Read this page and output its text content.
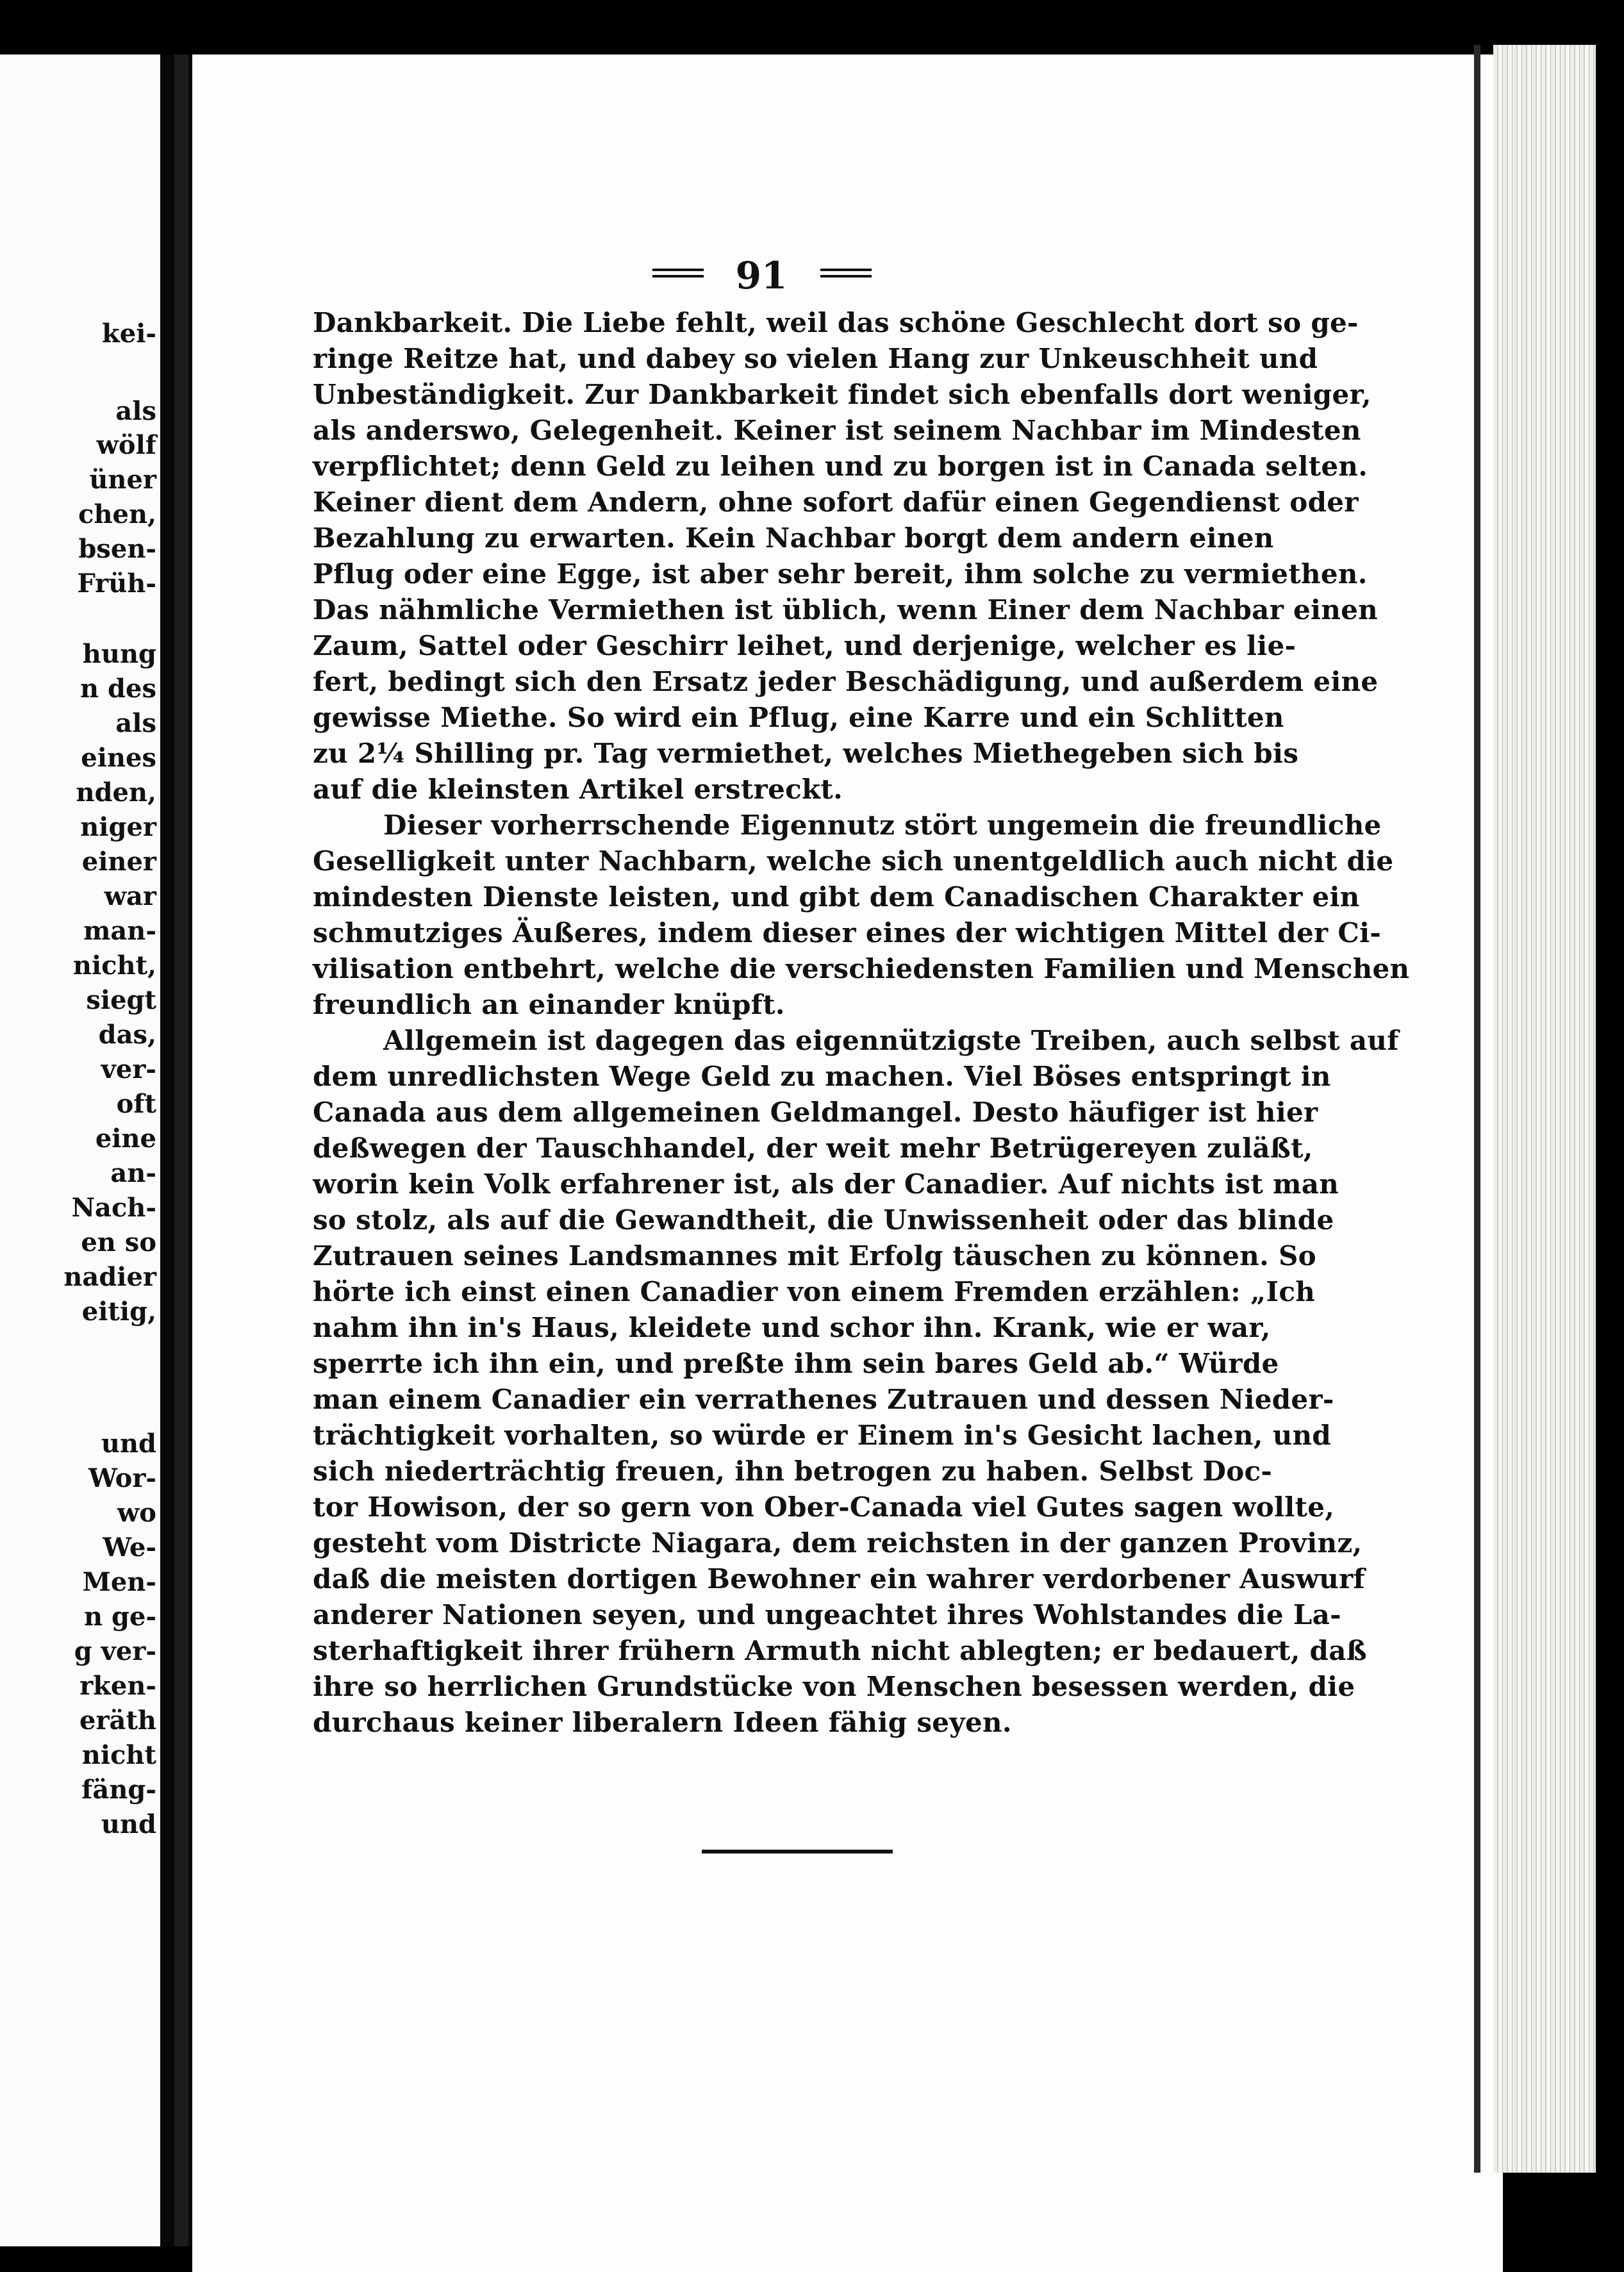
kei-
als
wölf
üner
chen,
bsen-
Früh-
hung
n des
als
eines
nden,
niger
einer
war
man-
nicht,
siegt
das,
ver-
oft
eine
an-
Nach-
en so
nadier
eitig,
und
Wor-
wo
We-
Men-
n ge-
g ver-
rken-
eräth
nicht
fäng-
und
91
Dankbarkeit. Die Liebe fehlt, weil das schöne Geschlecht dort so ge-
ringe Reitze hat, und dabey so vielen Hang zur Unkeuschheit und
Unbeständigkeit. Zur Dankbarkeit findet sich ebenfalls dort weniger,
als anderswo, Gelegenheit. Keiner ist seinem Nachbar im Mindesten
verpflichtet; denn Geld zu leihen und zu borgen ist in Canada selten.
Keiner dient dem Andern, ohne sofort dafür einen Gegendienst oder
Bezahlung zu erwarten. Kein Nachbar borgt dem andern einen
Pflug oder eine Egge, ist aber sehr bereit, ihm solche zu vermiethen.
Das nähmliche Vermiethen ist üblich, wenn Einer dem Nachbar einen
Zaum, Sattel oder Geschirr leihet, und derjenige, welcher es lie-
fert, bedingt sich den Ersatz jeder Beschädigung, und außerdem eine
gewisse Miethe. So wird ein Pflug, eine Karre und ein Schlitten
zu 2¼ Shilling pr. Tag vermiethet, welches Miethegeben sich bis
auf die kleinsten Artikel erstreckt.
Dieser vorherrschende Eigennutz stört ungemein die freundliche
Geselligkeit unter Nachbarn, welche sich unentgeldlich auch nicht die
mindesten Dienste leisten, und gibt dem Canadischen Charakter ein
schmutziges Äußeres, indem dieser eines der wichtigen Mittel der Ci-
vilisation entbehrt, welche die verschiedensten Familien und Menschen
freundlich an einander knüpft.
Allgemein ist dagegen das eigennützigste Treiben, auch selbst auf
dem unredlichsten Wege Geld zu machen. Viel Böses entspringt in
Canada aus dem allgemeinen Geldmangel. Desto häufiger ist hier
deßwegen der Tauschhandel, der weit mehr Betrügereyen zuläßt,
worin kein Volk erfahrener ist, als der Canadier. Auf nichts ist man
so stolz, als auf die Gewandtheit, die Unwissenheit oder das blinde
Zutrauen seines Landsmannes mit Erfolg täuschen zu können. So
hörte ich einst einen Canadier von einem Fremden erzählen: „Ich
nahm ihn in's Haus, kleidete und schor ihn. Krank, wie er war,
sperrte ich ihn ein, und preßte ihm sein bares Geld ab.“ Würde
man einem Canadier ein verrathenes Zutrauen und dessen Nieder-
trächtigkeit vorhalten, so würde er Einem in's Gesicht lachen, und
sich niederträchtig freuen, ihn betrogen zu haben. Selbst Doc-
tor Howison, der so gern von Ober-Canada viel Gutes sagen wollte,
gesteht vom Districte Niagara, dem reichsten in der ganzen Provinz,
daß die meisten dortigen Bewohner ein wahrer verdorbener Auswurf
anderer Nationen seyen, und ungeachtet ihres Wohlstandes die La-
sterhaftigkeit ihrer frühern Armuth nicht ablegten; er bedauert, daß
ihre so herrlichen Grundstücke von Menschen besessen werden, die
durchaus keiner liberalern Ideen fähig seyen.
